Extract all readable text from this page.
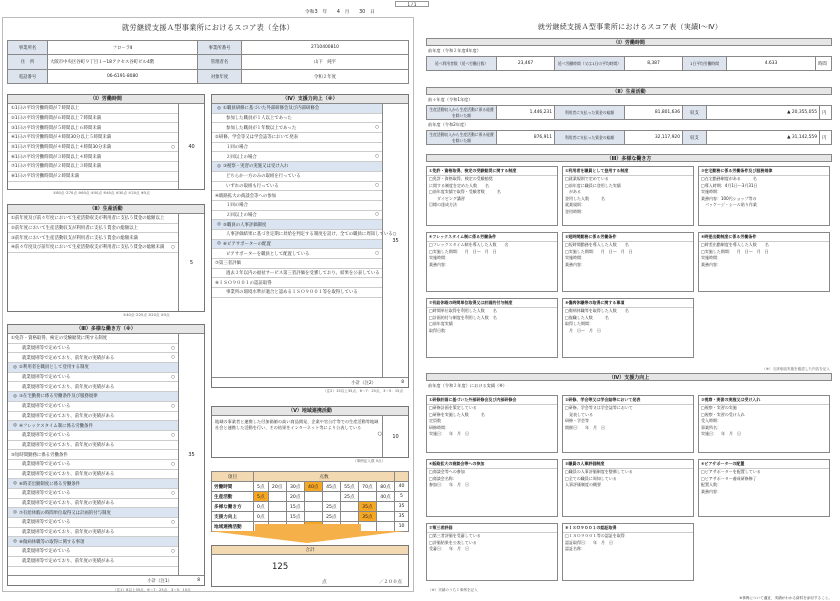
1 / 1
令和3　年　　4　月　　30　日
就労継続支援Ａ型事業所におけるスコア表（全体）
事業所名	フローラⅡ	事業所番号	2710400810
住　所	大阪市中央区谷町９丁目１−18アクセス谷町ビル4階	管理者名	山下　純平
電話番号	06-6191-8080	対象年度	令和２年度
（Ⅰ）労働時間
①1日の平均労働時間が７時間以上
②1日の平均労働時間が６時間以上７時間未満
③1日の平均労働時間が５時間以上６時間未満
④1日の平均労働時間が４時間30分以上５時間未満
⑤1日の平均労働時間が４時間以上４時間30分未満	○
⑥1日の平均労働時間が３時間以上４時間未満
⑦1日の平均労働時間が２時間以上３時間未満
⑧1日の平均労働時間が２時間未満
40
①80点 ②70点 ③60点 ④50点 ⑤40点 ⑥30点 ⑦20点 ⑧5点
（Ⅱ）生産活動
①前年度及び前々年度において生産活動収支が利用者に支払う賃金の総額以上
②前年度において生産活動収支が利用者に支払う賃金の総額以上
③前年度において生産活動収支が利用者に支払う賃金の総額未満
④前々年度及び前年度において生産活動収支が利用者に支払う賃金の総額未満	○
5
①40点 ②25点 ③20点 ④5点
（Ⅲ）多様な働き方（※）
①免許・資格取得、検定の受験勧奨に関する制度
就業規則等で定めている	○
就業規則等で定めており、前年度の実績がある	○
◎ ②利用者を職員として登用する制度
就業規則等で定めている	○
就業規則等で定めており、前年度の実績がある
◎ ③在宅勤務に係る労働条件及び服務規律
就業規則等で定めている	○
就業規則等で定めており、前年度の実績がある
◎ ④フレックスタイム制に係る労働条件
就業規則等で定めている	○
就業規則等で定めており、前年度の実績がある
⑤短時間勤務に係る労働条件
就業規則等で定めている	○
就業規則等で定めており、前年度の実績がある
◎ ⑥時差出勤制度に係る労働条件
就業規則等で定めている	○
就業規則等で定めており、前年度の実績がある
◎ ⑦有給休暇の時間単位取得又は計画的付与制度
就業規則等で定めている	○
就業規則等で定めており、前年度の実績がある
◎ ⑧傷病休職等の取得に関する事項
就業規則等で定めている	○
就業規則等で定めており、前年度の実績がある
35
小計（注1）	8
（注1）8以上35点、6〜7：25点、3〜5：15点
（Ⅳ）支援力向上（※）
◎ ①職員研修に基づいた外部研修会及び内部研修会
参加した職員が１人以上であった
参加した職員が１年数以上であった	○
②研修、学会等又は学会誌等において発表
１回の場合
２回以上の場合	○
◎ ③視察・実習の実施又は受け入れ
どちらか一方のみの取組を行っている
いずれの取組も行っている	○
④販路拡大の商談会等への参加
１回の場合
２回以上の場合	○
◎ ⑤職員の人事評価制度
人事評価結果に基づき定期に昇給を判定する制度を設け、全ての職員に周知している ○
◎ ⑥ピアサポーターの配置
ピアサポーターを職員として配置している	○
⑦第三者評価
過去３年以内の福祉サービス第三者評価を受審しており、結果を公表している
⑧ＩＳＯ９００１の認証取得
事業所の環境水準が適合と認めるＩＳＯ９００１等を取得している
35
小計（注2）	8
（注2）15以上35点、6〜7：25点、3〜5：15点
（Ⅴ）地域連携活動
地域の事業者と連携した付加価値の高い商品開発、企業や官公庁等での生産活動等地域社会と連携した活動を行い、その結果をインターネット等により公表している
○	10
（事例記入数 5点）
項目	点数								
労働時間	5点	20点	30点	40点	45点	55点	70点	80点	40
生産活動	5点		20点			25点		40点	5
多様な働き方	0点		15点		25点		35点		35
支援力向上	0点		15点		25点		35点		35
地域連携活動									10
合計
125
点	／２００点
就労継続支援Ａ型事業所におけるスコア表（実績Ⅰ〜Ⅳ）
（Ⅰ）労働時間
前年度（令和２年度4年度）
延べ利用者数（延べ労働日数）	23,467	延べ労働時間（又は1日の平均時間）	8,387	1日平均労働時間	4.633	時間
（Ⅱ）生産活動
前々年度（令和1年度）
生産活動収入から生産活動に係る経費を除いた額	1,446,231	利用者に支払った賃金の総額	81,801,636	収支	▲ 20,355,055	円
前年度（令和2年度）
生産活動収入から生産活動に係る経費を除いた額	876,911	利用者に支払った賃金の総額	32,117,920	収支	▲ 31,142,559	円
（Ⅲ）多様な働き方
①免許・資格取得、検定の受験勧奨に関する制度
□免許・資格取得、検定の受験勧奨
に関する制度を定めた人数　　名
□前年度実績で取得・受験者数　　　名
　　ダイビング講習
目標の達成方法
②利用者を職員として登用する制度
□就業規則で定めている
□前年度に職員に登用した実績
　がある
登用した人数　　　名
就業規則：
登用時期：
③在宅勤務に係る労働条件及び服務規律
□在宅勤務制度がある　　　名
□導入時期：4月1日〜3月31日
実施時期：
業務内容：100円ショップ等の
　パッケージ・シール貼り作業
④フレックスタイム制に係る労働条件
□フレックスタイム制を導入した人数　　名
□実施した期間：　月　日〜　月　日
実施時間：
業務内容：
⑤短時間勤務に係る労働条件
□短時間勤務を導入した人数　　名
□実施した期間：　月　日〜　月　日
実施時間：
業務内容：
⑥時差出勤制度に係る労働条件
□時差出勤制度を導入した人数　　名
□実施した期間：　月　日〜　月　日
実施時間：
業務内容：
⑦有給休暇の時間単位取得又は計画的付与制度
□時間単位取得を利用した人数　　名
□計画的付与制度を利用した人数　名
□前年度実績
取得日数：
⑧傷病休職等の取得に関する事項
□傷病休職等を取得した人数　　名
□復職した人数　　　名
取得した期間：
　月　日〜　月　日
（※）当該取組実施を確認した内容を記入
（Ⅳ）支援力向上
前年度（令和２年度）における実績（※）
①研修計画に基づいた外部研修会及び内部研修会
□研修計画を策定している
□研修を実施した人数　　　名
定員数
研修時間：
実施日：　年　月　日
②研修、学会等又は学会誌等において発表
□研修、学会等又は学会誌等において
　発表している
研修・学会等
開催日：　年　月　日
③視察・実習の実施又は受け入れ
□視察・実習の実施
□視察・実習の受け入れ
受入時期：
事業所名：
実施日：　年　月　日
④販路拡大の商談会等への参加
□商談会等への参加
□商談会名称：
参加日：　年　月　日
⑤職員の人事評価制度
□職員の人事評価制度を整備している
□全ての職員に周知している
人事評価制度の概要
⑥ピアサポーターの配置
□ピアサポーターを配置している
□ピアサポーター養成研修修了
配置人数：
業務内容：
⑦第三者評価
□第三者評価を受審している
□評価結果を公表している
受審日：　年　月　日
⑧ＩＳＯ９００１の認証取得
□ＩＳＯ９００１等の認証を取得
認証取得日：　年　月　日
認証名称：
（※）実績のうち１事例を記入
※事例について適宜、実績がわかる資料を添付すること。
